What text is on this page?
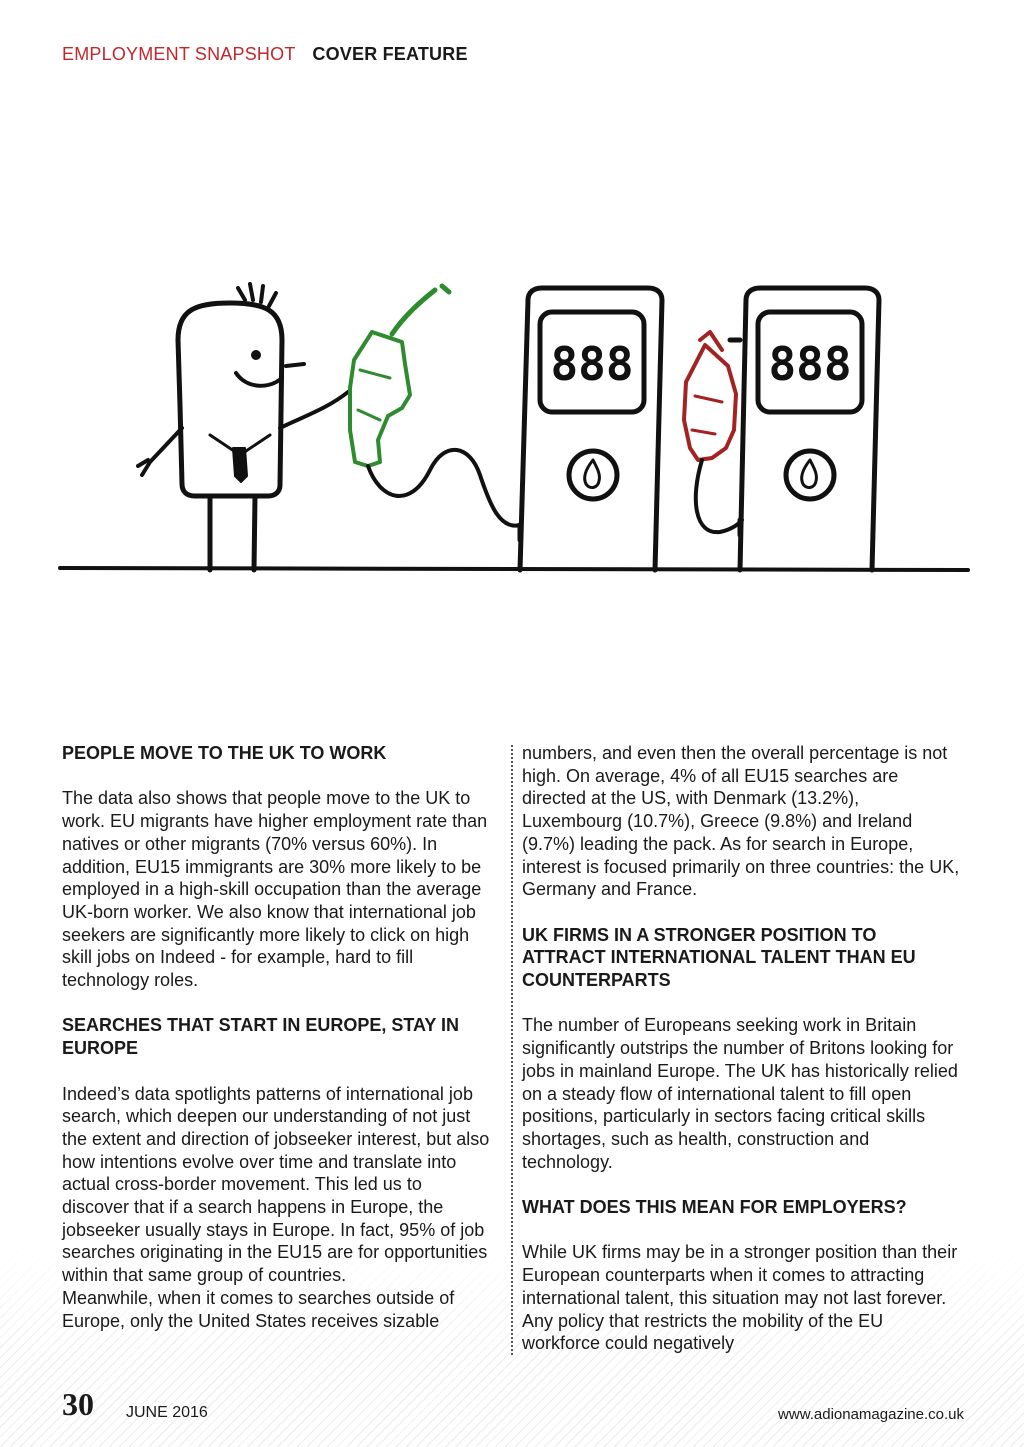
EMPLOYMENT SNAPSHOT COVER FEATURE
888	888
PEOPLE MOVE TO THE UK TO WORK

The data also shows that people move to the UK to work. EU migrants have higher employment rate than natives or other migrants (70% versus 60%). In addition, EU15 immigrants are 30% more likely to be employed in a high-skill occupation than the average UK-born worker. We also know that international job seekers are significantly more likely to click on high skill jobs on Indeed - for example, hard to fill technology roles.

SEARCHES THAT START IN EUROPE, STAY IN EUROPE

Indeed’s data spotlights patterns of international job search, which deepen our understanding of not just the extent and direction of jobseeker interest, but also how intentions evolve over time and translate into actual cross-border movement. This led us to discover that if a search happens in Europe, the jobseeker usually stays in Europe. In fact, 95% of job searches originating in the EU15 are for opportunities within that same group of countries.

Meanwhile, when it comes to searches outside of Europe, only the United States receives sizable

numbers, and even then the overall percentage is not high. On average, 4% of all EU15 searches are directed at the US, with Denmark (13.2%), Luxembourg (10.7%), Greece (9.8%) and Ireland (9.7%) leading the pack. As for search in Europe, interest is focused primarily on three countries: the UK, Germany and France.

UK FIRMS IN A STRONGER POSITION TO ATTRACT INTERNATIONAL TALENT THAN EU COUNTERPARTS

The number of Europeans seeking work in Britain significantly outstrips the number of Britons looking for jobs in mainland Europe. The UK has historically relied on a steady flow of international talent to fill open positions, particularly in sectors facing critical skills shortages, such as health, construction and technology.

WHAT DOES THIS MEAN FOR EMPLOYERS?

While UK firms may be in a stronger position than their European counterparts when it comes to attracting international talent, this situation may not last forever. Any policy that restricts the mobility of the EU workforce could negatively

30 JUNE 2016	www.adionamagazine.co.uk
